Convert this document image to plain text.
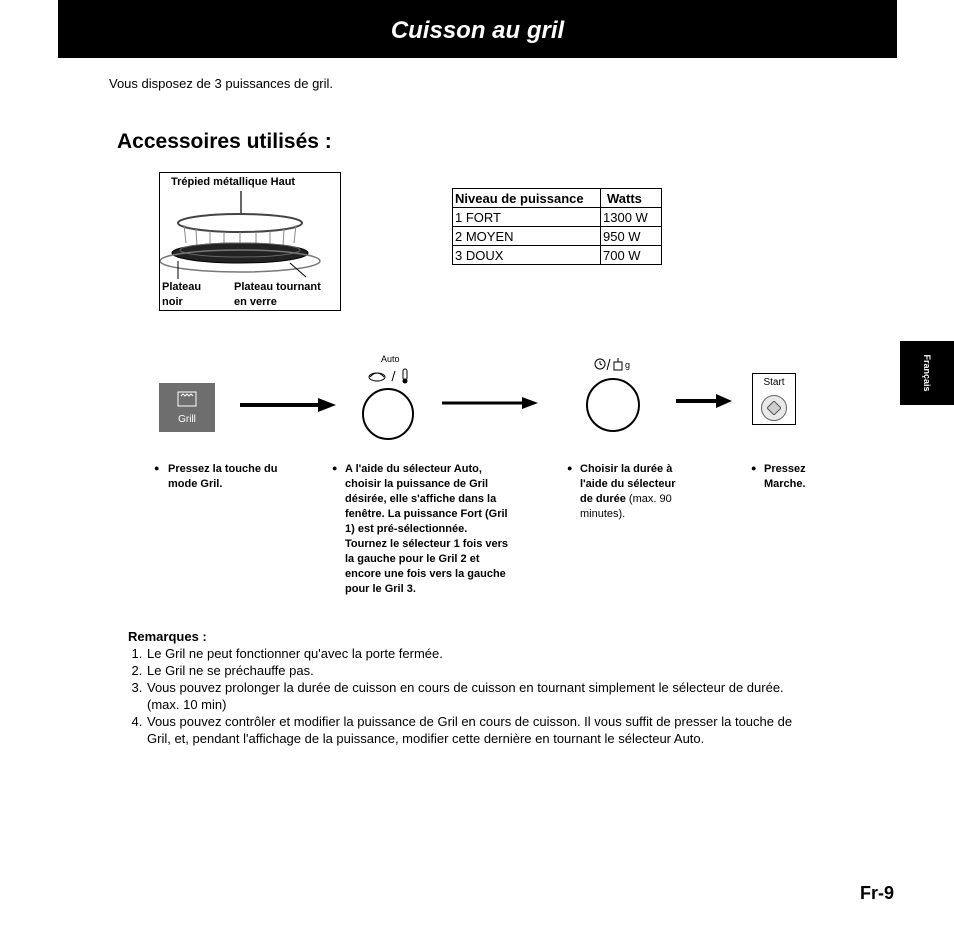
Cuisson au gril
Vous disposez de 3 puissances de gril.
Accessoires utilisés :
Trépied métallique Haut
Plateau
noir
Plateau tournant
en verre
Niveau de puissance	Watts
1 FORT	1300 W
2 MOYEN	950 W
3 DOUX	700 W
Français
Grill
Auto
g
Start
● Pressez la touche du mode Gril.
● A l'aide du sélecteur Auto, choisir la puissance de Gril désirée, elle s'affiche dans la fenêtre. La puissance Fort (Gril 1) est pré-sélectionnée. Tournez le sélecteur 1 fois vers la gauche pour le Gril 2 et encore une fois vers la gauche pour le Gril 3.
● Choisir la durée à l'aide du sélecteur de durée (max. 90 minutes).
● Pressez Marche.
Remarques :
1. Le Gril ne peut fonctionner qu'avec la porte fermée.
2. Le Gril ne se préchauffe pas.
3. Vous pouvez prolonger la durée de cuisson en cours de cuisson en tournant simplement le sélecteur de durée. (max. 10 min)
4. Vous pouvez contrôler et modifier la puissance de Gril en cours de cuisson. Il vous suffit de presser la touche de Gril, et, pendant l'affichage de la puissance, modifier cette dernière en tournant le sélecteur Auto.
Fr-9
